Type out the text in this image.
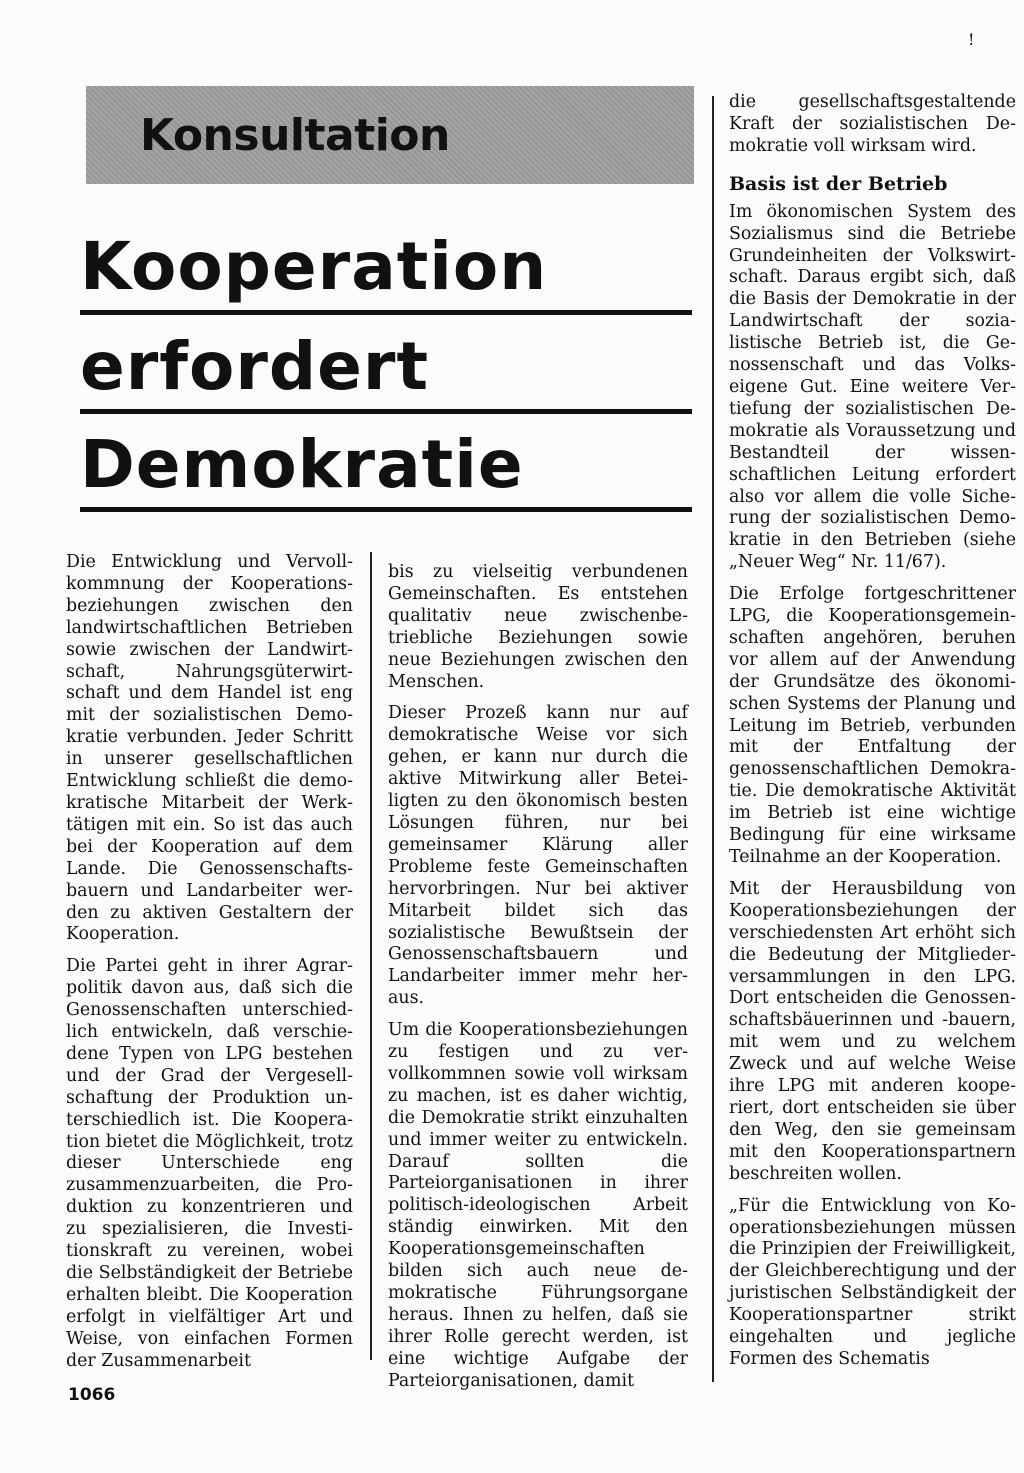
!
Konsultation
Kooperation
erfordert
Demokratie

Die Entwicklung und Vervollkommnung der Kooperationsbeziehungen zwischen den landwirtschaftlichen Betrieben sowie zwischen der Landwirtschaft, Nahrungsgüterwirtschaft und dem Handel ist eng mit der sozialistischen Demokratie verbunden. Jeder Schritt in unserer gesellschaftlichen Entwicklung schließt die demokratische Mitarbeit der Werktätigen mit ein. So ist das auch bei der Kooperation auf dem Lande. Die Genossenschaftsbauern und Landarbeiter werden zu aktiven Gestaltern der Kooperation.

Die Partei geht in ihrer Agrarpolitik davon aus, daß sich die Genossenschaften unterschiedlich entwickeln, daß verschiedene Typen von LPG bestehen und der Grad der Vergesellschaftung der Produktion unterschiedlich ist. Die Kooperation bietet die Möglichkeit, trotz dieser Unterschiede eng zusammenzuarbeiten, die Produktion zu konzentrieren und zu spezialisieren, die Investitionskraft zu vereinen, wobei die Selbständigkeit der Betriebe erhalten bleibt. Die Kooperation erfolgt in vielfältiger Art und Weise, von einfachen Formen der Zusammenarbeit

bis zu vielseitig verbundenen Gemeinschaften. Es entstehen qualitativ neue zwischenbetriebliche Beziehungen sowie neue Beziehungen zwischen den Menschen.

Dieser Prozeß kann nur auf demokratische Weise vor sich gehen, er kann nur durch die aktive Mitwirkung aller Beteiligten zu den ökonomisch besten Lösungen führen, nur bei gemeinsamer Klärung aller Probleme feste Gemeinschaften hervorbringen. Nur bei aktiver Mitarbeit bildet sich das sozialistische Bewußtsein der Genossenschaftsbauern und Landarbeiter immer mehr heraus.

Um die Kooperationsbeziehungen zu festigen und zu vervollkommnen sowie voll wirksam zu machen, ist es daher wichtig, die Demokratie strikt einzuhalten und immer weiter zu entwickeln. Darauf sollten die Parteiorganisationen in ihrer politisch-ideologischen Arbeit ständig einwirken. Mit den Kooperationsgemeinschaften bilden sich auch neue demokratische Führungsorgane heraus. Ihnen zu helfen, daß sie ihrer Rolle gerecht werden, ist eine wichtige Aufgabe der Parteiorganisationen, damit

die gesellschaftsgestaltende Kraft der sozialistischen Demokratie voll wirksam wird.

Basis ist der Betrieb

Im ökonomischen System des Sozialismus sind die Betriebe Grundeinheiten der Volkswirtschaft. Daraus ergibt sich, daß die Basis der Demokratie in der Landwirtschaft der sozialistische Betrieb ist, die Genossenschaft und das Volkseigene Gut. Eine weitere Vertiefung der sozialistischen Demokratie als Voraussetzung und Bestandteil der wissenschaftlichen Leitung erfordert also vor allem die volle Sicherung der sozialistischen Demokratie in den Betrieben (siehe „Neuer Weg“ Nr. 11/67).

Die Erfolge fortgeschrittener LPG, die Kooperationsgemeinschaften angehören, beruhen vor allem auf der Anwendung der Grundsätze des ökonomischen Systems der Planung und Leitung im Betrieb, verbunden mit der Entfaltung der genossenschaftlichen Demokratie. Die demokratische Aktivität im Betrieb ist eine wichtige Bedingung für eine wirksame Teilnahme an der Kooperation.

Mit der Herausbildung von Kooperationsbeziehungen der verschiedensten Art erhöht sich die Bedeutung der Mitgliederversammlungen in den LPG. Dort entscheiden die Genossenschaftsbäuerinnen und -bauern, mit wem und zu welchem Zweck und auf welche Weise ihre LPG mit anderen kooperiert, dort entscheiden sie über den Weg, den sie gemeinsam mit den Kooperationspartnern beschreiten wollen.

„Für die Entwicklung von Kooperationsbeziehungen müssen die Prinzipien der Freiwilligkeit, der Gleichberechtigung und der juristischen Selbständigkeit der Kooperationspartner strikt eingehalten und jegliche Formen des Schematis

1066
